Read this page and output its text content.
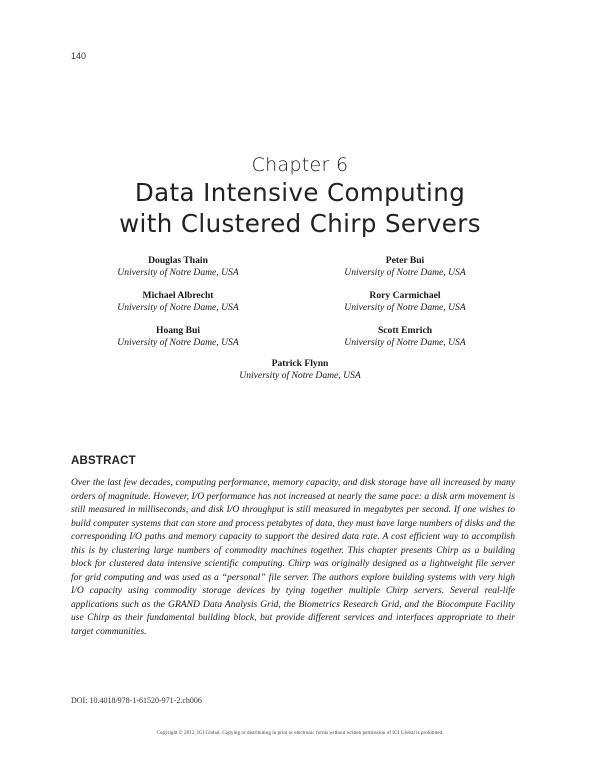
140
Chapter 6
Data Intensive Computing
with Clustered Chirp Servers
Douglas Thain
University of Notre Dame, USA
Peter Bui
University of Notre Dame, USA
Michael Albrecht
University of Notre Dame, USA
Rory Carmichael
University of Notre Dame, USA
Hoang Bui
University of Notre Dame, USA
Scott Emrich
University of Notre Dame, USA
Patrick Flynn
University of Notre Dame, USA
ABSTRACT

Over the last few decades, computing performance, memory capacity, and disk storage have all increased by many orders of magnitude. However, I/O performance has not increased at nearly the same pace: a disk arm movement is still measured in milliseconds, and disk I/O throughput is still measured in megabytes per second. If one wishes to build computer systems that can store and process petabytes of data, they must have large numbers of disks and the corresponding I/O paths and memory capacity to support the desired data rate. A cost efficient way to accomplish this is by clustering large numbers of commodity machines together. This chapter presents Chirp as a building block for clustered data intensive scientific computing. Chirp was originally designed as a lightweight file server for grid computing and was used as a “personal” file server. The authors explore building systems with very high I/O capacity using commodity storage devices by tying together multiple Chirp servers. Several real-life applications such as the GRAND Data Analysis Grid, the Biometrics Research Grid, and the Biocompute Facility use Chirp as their fundamental building block, but provide different services and interfaces appropriate to their target communities.

DOI: 10.4018/978-1-61520-971-2.ch006
Copyright © 2012, IGI Global. Copying or distributing in print or electronic forms without written permission of IGI Global is prohibited.
